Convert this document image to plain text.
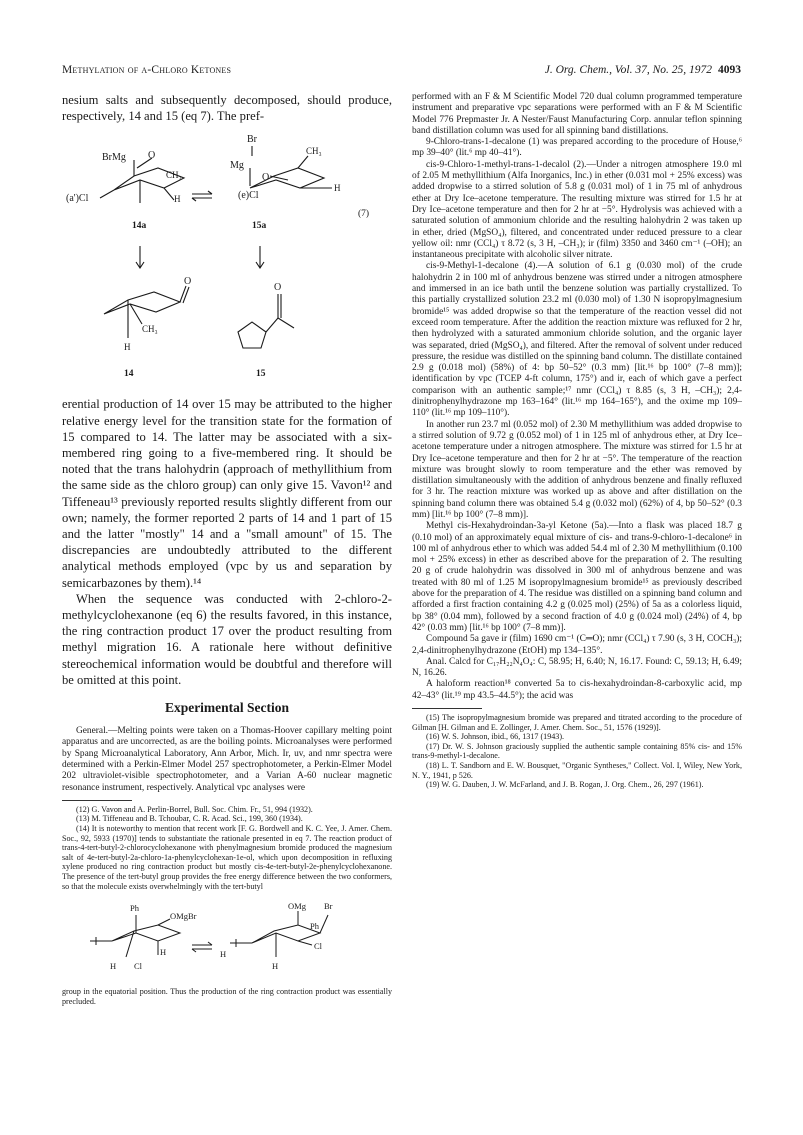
Methylation of α-Chloro Ketones	J. Org. Chem., Vol. 37, No. 25, 1972 4093

nesium salts and subsequently decomposed, should produce, respectively, 14 and 15 (eq 7). The pref-

BrMg O
CH₃
(a')Cl	H
Br
Mg
O
CH₃
(e)Cl
H
(7)
14a	15a
O
CH₃
H
O
14	15

erential production of 14 over 15 may be attributed to the higher relative energy level for the transition state for the formation of 15 compared to 14. The latter may be associated with a six-membered ring going to a five-membered ring. It should be noted that the trans halohydrin (approach of methyllithium from the same side as the chloro group) can only give 15. Vavon¹² and Tiffeneau¹³ previously reported results slightly different from our own; namely, the former reported 2 parts of 14 and 1 part of 15 and the latter "mostly" 14 and a "small amount" of 15. The discrepancies are undoubtedly attributed to the different analytical methods employed (vpc by us and separation by semicarbazones by them).¹⁴

When the sequence was conducted with 2-chloro-2-methylcyclohexanone (eq 6) the results favored, in this instance, the ring contraction product 17 over the product resulting from methyl migration 16. A rationale here without definitive stereochemical information would be doubtful and therefore will be omitted at this point.

Experimental Section

General.—Melting points were taken on a Thomas-Hoover capillary melting point apparatus and are uncorrected, as are the boiling points. Microanalyses were performed by Spang Microanalytical Laboratory, Ann Arbor, Mich. Ir, uv, and nmr spectra were determined with a Perkin-Elmer Model 257 spectrophotometer, a Perkin-Elmer Model 202 ultraviolet-visible spectrophotometer, and a Varian A-60 nuclear magnetic resonance instrument, respectively. Analytical vpc analyses were

(12) G. Vavon and A. Perlin-Borrel, Bull. Soc. Chim. Fr., 51, 994 (1932).

(13) M. Tiffeneau and B. Tchoubar, C. R. Acad. Sci., 199, 360 (1934).

(14) It is noteworthy to mention that recent work [F. G. Bordwell and K. C. Yee, J. Amer. Chem. Soc., 92, 5933 (1970)] tends to substantiate the rationale presented in eq 7. The reaction product of trans-4-tert-butyl-2-chlorocyclohexanone with phenylmagnesium bromide produced the magnesium salt of 4e-tert-butyl-2a-chloro-1a-phenylcyclohexan-1e-ol, which upon decomposition in refluxing xylene produced no ring contraction product but mostly cis-4e-tert-butyl-2e-phenylcyclohexanone. The presence of the tert-butyl group provides the free energy difference between the two conformers, so that the molecule exists overwhelmingly with the tert-butyl

Ph
OMgBr
H
H Cl
Br
OMg
Ph
H
Cl
H

group in the equatorial position. Thus the production of the ring contraction product was essentially precluded.

performed with an F & M Scientific Model 720 dual column programmed temperature instrument and preparative vpc separations were performed with an F & M Scientific Model 776 Prepmaster Jr. A Nester/Faust Manufacturing Corp. annular teflon spinning band distillation column was used for all spinning band distillations.

9-Chloro-trans-1-decalone (1) was prepared according to the procedure of House,⁶ mp 39–40° (lit.⁶ mp 40–41°).

cis-9-Chloro-1-methyl-trans-1-decalol (2).—Under a nitrogen atmosphere 19.0 ml of 2.05 M methyllithium (Alfa Inorganics, Inc.) in ether (0.031 mol + 25% excess) was added dropwise to a stirred solution of 5.8 g (0.031 mol) of 1 in 75 ml of anhydrous ether at Dry Ice–acetone temperature. The resulting mixture was stirred for 1.5 hr at Dry Ice–acetone temperature and then for 2 hr at −5°. Hydrolysis was achieved with a saturated solution of ammonium chloride and the resulting halohydrin 2 was taken up in ether, dried (MgSO₄), filtered, and concentrated under reduced pressure to a clear yellow oil: nmr (CCl₄) τ 8.72 (s, 3 H, –CH₃); ir (film) 3350 and 3460 cm⁻¹ (–OH); an instantaneous precipitate with alcoholic silver nitrate.

cis-9-Methyl-1-decalone (4).—A solution of 6.1 g (0.030 mol) of the crude halohydrin 2 in 100 ml of anhydrous benzene was stirred under a nitrogen atmosphere and immersed in an ice bath until the benzene solution was partially crystallized. To this partially crystallized solution 23.2 ml (0.030 mol) of 1.30 N isopropylmagnesium bromide¹⁵ was added dropwise so that the temperature of the reaction vessel did not exceed room temperature. After the addition the reaction mixture was refluxed for 2 hr, then hydrolyzed with a saturated ammonium chloride solution, and the organic layer was separated, dried (MgSO₄), and filtered. After the removal of solvent under reduced pressure, the residue was distilled on the spinning band column. The distillate contained 2.9 g (0.018 mol) (58%) of 4: bp 50–52° (0.3 mm) [lit.¹⁶ bp 100° (7–8 mm)]; identification by vpc (TCEP 4-ft column, 175°) and ir, each of which gave a perfect comparison with an authentic sample;¹⁷ nmr (CCl₄) τ 8.85 (s, 3 H, –CH₃); 2,4-dinitrophenylhydrazone mp 163–164° (lit.¹⁶ mp 164–165°), and the oxime mp 109–110° (lit.¹⁶ mp 109–110°).

In another run 23.7 ml (0.052 mol) of 2.30 M methyllithium was added dropwise to a stirred solution of 9.72 g (0.052 mol) of 1 in 125 ml of anhydrous ether, at Dry Ice–acetone temperature under a nitrogen atmosphere. The mixture was stirred for 1.5 hr at Dry Ice–acetone temperature and then for 2 hr at −5°. The temperature of the reaction mixture was brought slowly to room temperature and the ether was removed by distillation simultaneously with the addition of anhydrous benzene and finally refluxed for 3 hr. The reaction mixture was worked up as above and after distillation on the spinning band column there was obtained 5.4 g (0.032 mol) (62%) of 4, bp 50–52° (0.3 mm) [lit.¹⁶ bp 100° (7–8 mm)].

Methyl cis-Hexahydroindan-3a-yl Ketone (5a).—Into a flask was placed 18.7 g (0.10 mol) of an approximately equal mixture of cis- and trans-9-chloro-1-decalone⁶ in 100 ml of anhydrous ether to which was added 54.4 ml of 2.30 M methyllithium (0.100 mol + 25% excess) in ether as described above for the preparation of 2. The resulting 20 g of crude halohydrin was dissolved in 300 ml of anhydrous benzene and was treated with 80 ml of 1.25 M isopropylmagnesium bromide¹⁵ as previously described above for the preparation of 4. The residue was distilled on a spinning band column and afforded a first fraction containing 4.2 g (0.025 mol) (25%) of 5a as a colorless liquid, bp 38° (0.04 mm), followed by a second fraction of 4.0 g (0.024 mol) (24%) of 4, bp 42° (0.03 mm) [lit.¹⁶ bp 100° (7–8 mm)].

Compound 5a gave ir (film) 1690 cm⁻¹ (C═O); nmr (CCl₄) τ 7.90 (s, 3 H, COCH₃); 2,4-dinitrophenylhydrazone (EtOH) mp 134–135°.

Anal. Calcd for C₁₇H₂₂N₄O₄: C, 58.95; H, 6.40; N, 16.17. Found: C, 59.13; H, 6.49; N, 16.26.

A haloform reaction¹⁸ converted 5a to cis-hexahydroindan-8-carboxylic acid, mp 42–43° (lit.¹⁹ mp 43.5–44.5°); the acid was

(15) The isopropylmagnesium bromide was prepared and titrated according to the procedure of Gilman [H. Gilman and E. Zollinger, J. Amer. Chem. Soc., 51, 1576 (1929)].

(16) W. S. Johnson, ibid., 66, 1317 (1943).

(17) Dr. W. S. Johnson graciously supplied the authentic sample containing 85% cis- and 15% trans-9-methyl-1-decalone.

(18) L. T. Sandborn and E. W. Bousquet, "Organic Syntheses," Collect. Vol. I, Wiley, New York, N. Y., 1941, p 526.

(19) W. G. Dauben, J. W. McFarland, and J. B. Rogan, J. Org. Chem., 26, 297 (1961).
